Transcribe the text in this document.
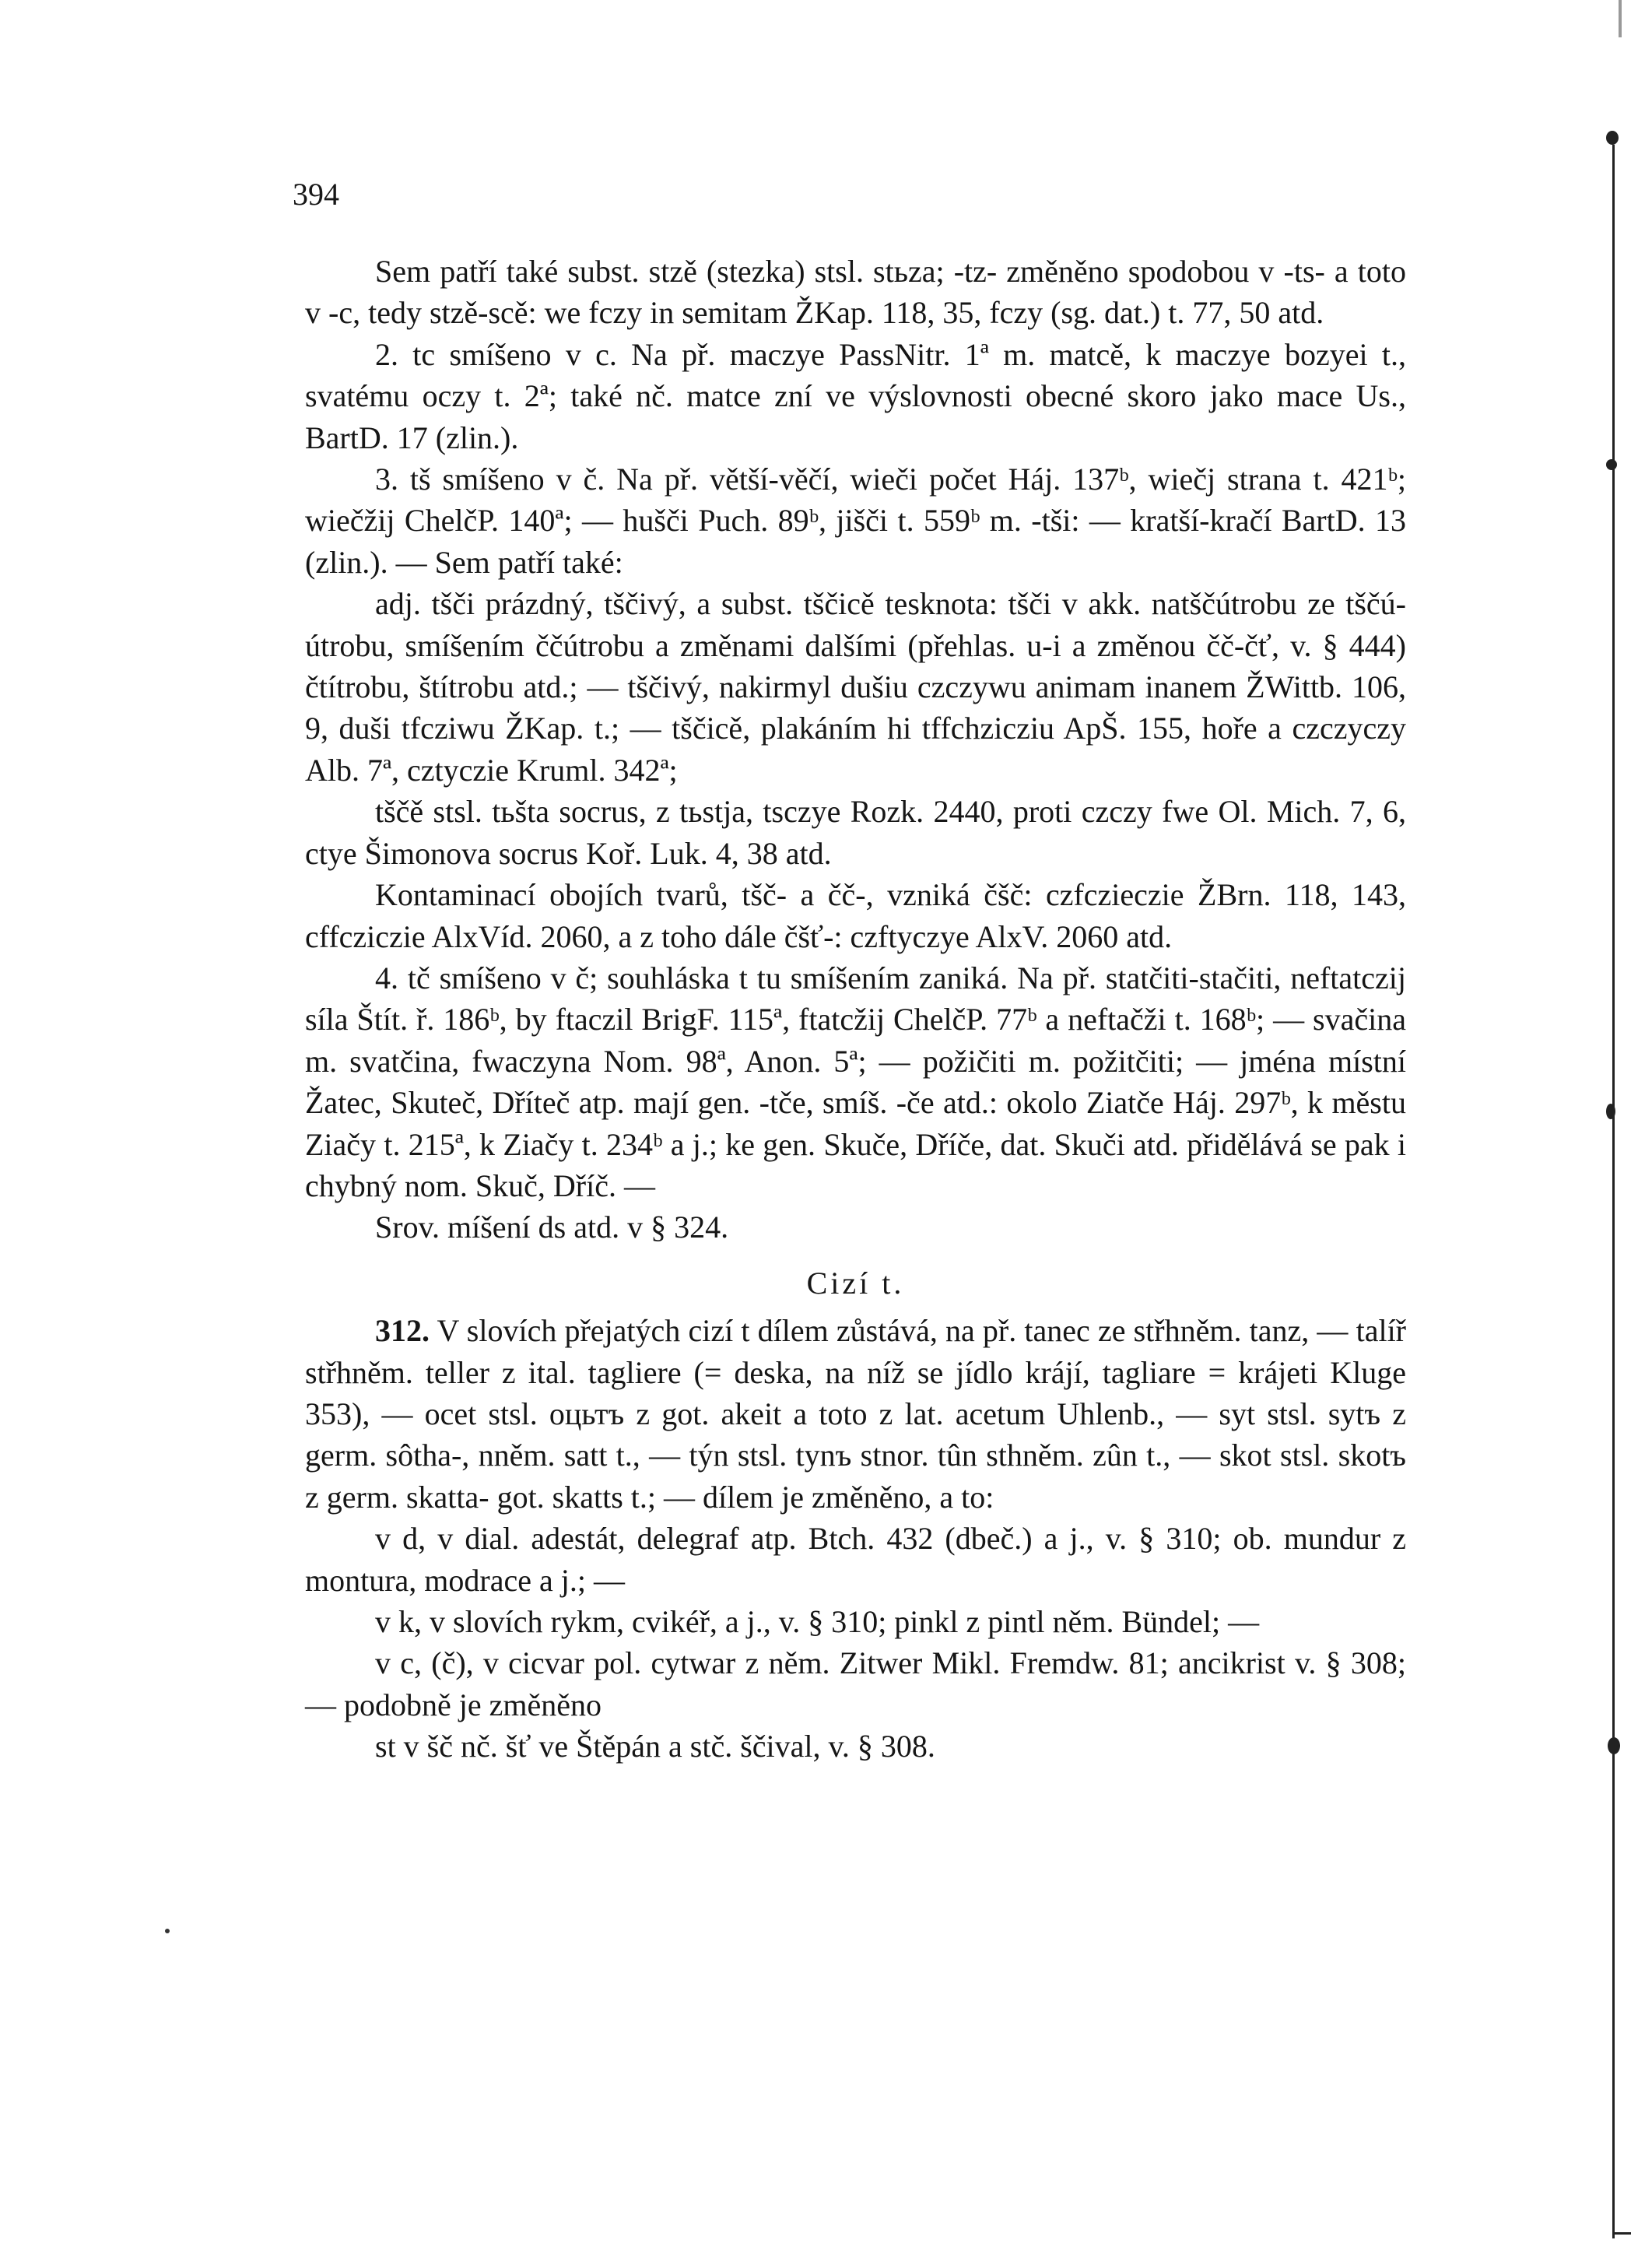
394

Sem patří také subst. stzě (stezka) stsl. stьza; -tz- změněno spodobou v -ts- a toto v -c, tedy stzě-scě: we fczy in semitam ŽKap. 118, 35, fczy (sg. dat.) t. 77, 50 atd.

2. tc smíšeno v c. Na př. maczye PassNitr. 1ª m. matcě, k maczye bozyei t., svatému oczy t. 2ª; také nč. matce zní ve výslovnosti obecné skoro jako mace Us., BartD. 17 (zlin.).

3. tš smíšeno v č. Na př. větší-věčí, wieči počet Háj. 137ᵇ, wiečj strana t. 421ᵇ; wiečžij ChelčP. 140ª; — hušči Puch. 89ᵇ, jišči t. 559ᵇ m. -tši: — kratší-kračí BartD. 13 (zlin.). — Sem patří také:

adj. tšči prázdný, tščivý, a subst. tščicě tesknota: tšči v akk. natščútrobu ze tščú-útrobu, smíšením ččútrobu a změnami dalšími (přehlas. u-i a změnou čč-čť, v. § 444) čtítrobu, štítrobu atd.; — tščivý, nakirmyl dušiu czczywu animam inanem ŽWittb. 106, 9, duši tfcziwu ŽKap. t.; — tščicě, plakáním hi tffchzicziu ApŠ. 155, hoře a czczyczy Alb. 7ª, cztyczie Kruml. 342ª;

tščě stsl. tьšta socrus, z tьstja, tsczye Rozk. 2440, proti czczy fwe Ol. Mich. 7, 6, ctye Šimonova socrus Koř. Luk. 4, 38 atd.

Kontaminací obojích tvarů, tšč- a čč-, vzniká čšč: czfczieczie ŽBrn. 118, 143, cffcziczie AlxVíd. 2060, a z toho dále čšť-: czftyczye AlxV. 2060 atd.

4. tč smíšeno v č; souhláska t tu smíšením zaniká. Na př. statčiti-stačiti, neftatczij síla Štít. ř. 186ᵇ, by ftaczil BrigF. 115ª, ftatcžij ChelčP. 77ᵇ a neftačži t. 168ᵇ; — svačina m. svatčina, fwaczyna Nom. 98ª, Anon. 5ª; — požičiti m. požitčiti; — jména místní Žatec, Skuteč, Dříteč atp. mají gen. -tče, smíš. -če atd.: okolo Ziatče Háj. 297ᵇ, k městu Ziačy t. 215ª, k Ziačy t. 234ᵇ a j.; ke gen. Skuče, Dříče, dat. Skuči atd. přidělává se pak i chybný nom. Skuč, Dříč. —

Srov. míšení ds atd. v § 324.

Cizí t.

312. V slovích přejatých cizí t dílem zůstává, na př. tanec ze střhněm. tanz, — talíř střhněm. teller z ital. tagliere (= deska, na níž se jídlo krájí, tagliare = krájeti Kluge 353), — ocet stsl. оцьтъ z got. akeit a toto z lat. acetum Uhlenb., — syt stsl. sytъ z germ. sôtha-, nněm. satt t., — týn stsl. tynъ stnor. tûn sthněm. zûn t., — skot stsl. skotъ z germ. skatta- got. skatts t.; — dílem je změněno, a to:

v d, v dial. adestát, delegraf atp. Btch. 432 (dbeč.) a j., v. § 310; ob. mundur z montura, modrace a j.; —

v k, v slovích rykm, cvikéř, a j., v. § 310; pinkl z pintl něm. Bündel; —

v c, (č), v cicvar pol. cytwar z něm. Zitwer Mikl. Fremdw. 81; ancikrist v. § 308; — podobně je změněno

st v šč nč. šť ve Štěpán a stč. ščival, v. § 308.
